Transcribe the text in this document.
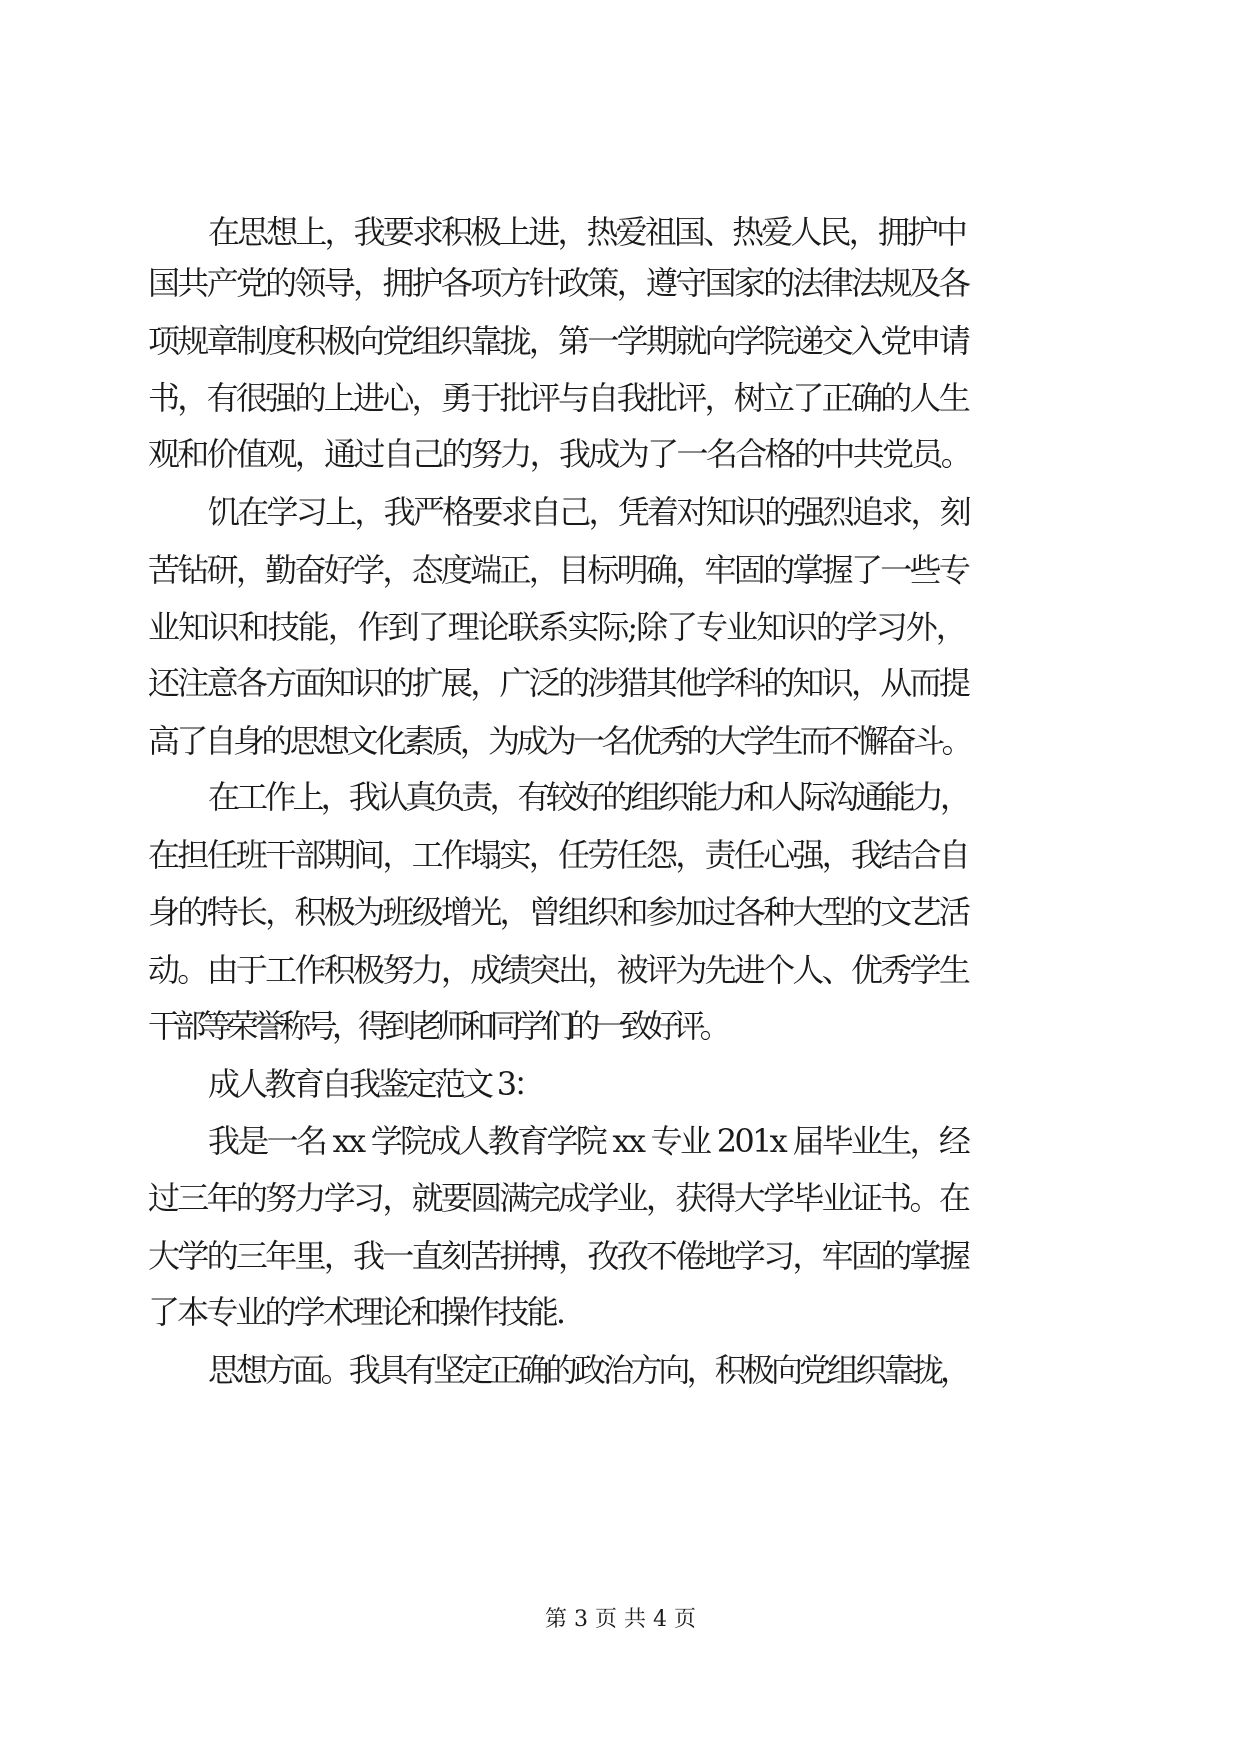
在思想上，我要求积极上进，热爱祖国、热爱人民，拥护中
国共产党的领导，拥护各项方针政策，遵守国家的法律法规及各
项规章制度积极向党组织靠拢，第一学期就向学院递交入党申请
书，有很强的上进心，勇于批评与自我批评，树立了正确的人生
观和价值观，通过自己的努力，我成为了一名合格的中共党员。
饥在学习上，我严格要求自己，凭着对知识的强烈追求，刻
苦钻研，勤奋好学，态度端正，目标明确，牢固的掌握了一些专
业知识和技能，作到了理论联系实际;除了专业知识的学习外，
还注意各方面知识的扩展，广泛的涉猎其他学科的知识，从而提
高了自身的思想文化素质，为成为一名优秀的大学生而不懈奋斗。
在工作上，我认真负责，有较好的组织能力和人际沟通能力，
在担任班干部期间，工作塌实，任劳任怨，责任心强，我结合自
身的特长，积极为班级增光，曾组织和参加过各种大型的文艺活
动。由于工作积极努力，成绩突出，被评为先进个人、优秀学生
干部等荣誉称号，得到老师和同学们的一致好评。
成人教育自我鉴定范文 3：
我是一名 xx 学院成人教育学院 xx 专业 201x 届毕业生，经
过三年的努力学习，就要圆满完成学业，获得大学毕业证书。在
大学的三年里，我一直刻苦拼搏，孜孜不倦地学习，牢固的掌握
了本专业的学术理论和操作技能.
思想方面。我具有坚定正确的政治方向，积极向党组织靠拢，
第 3 页 共 4 页
